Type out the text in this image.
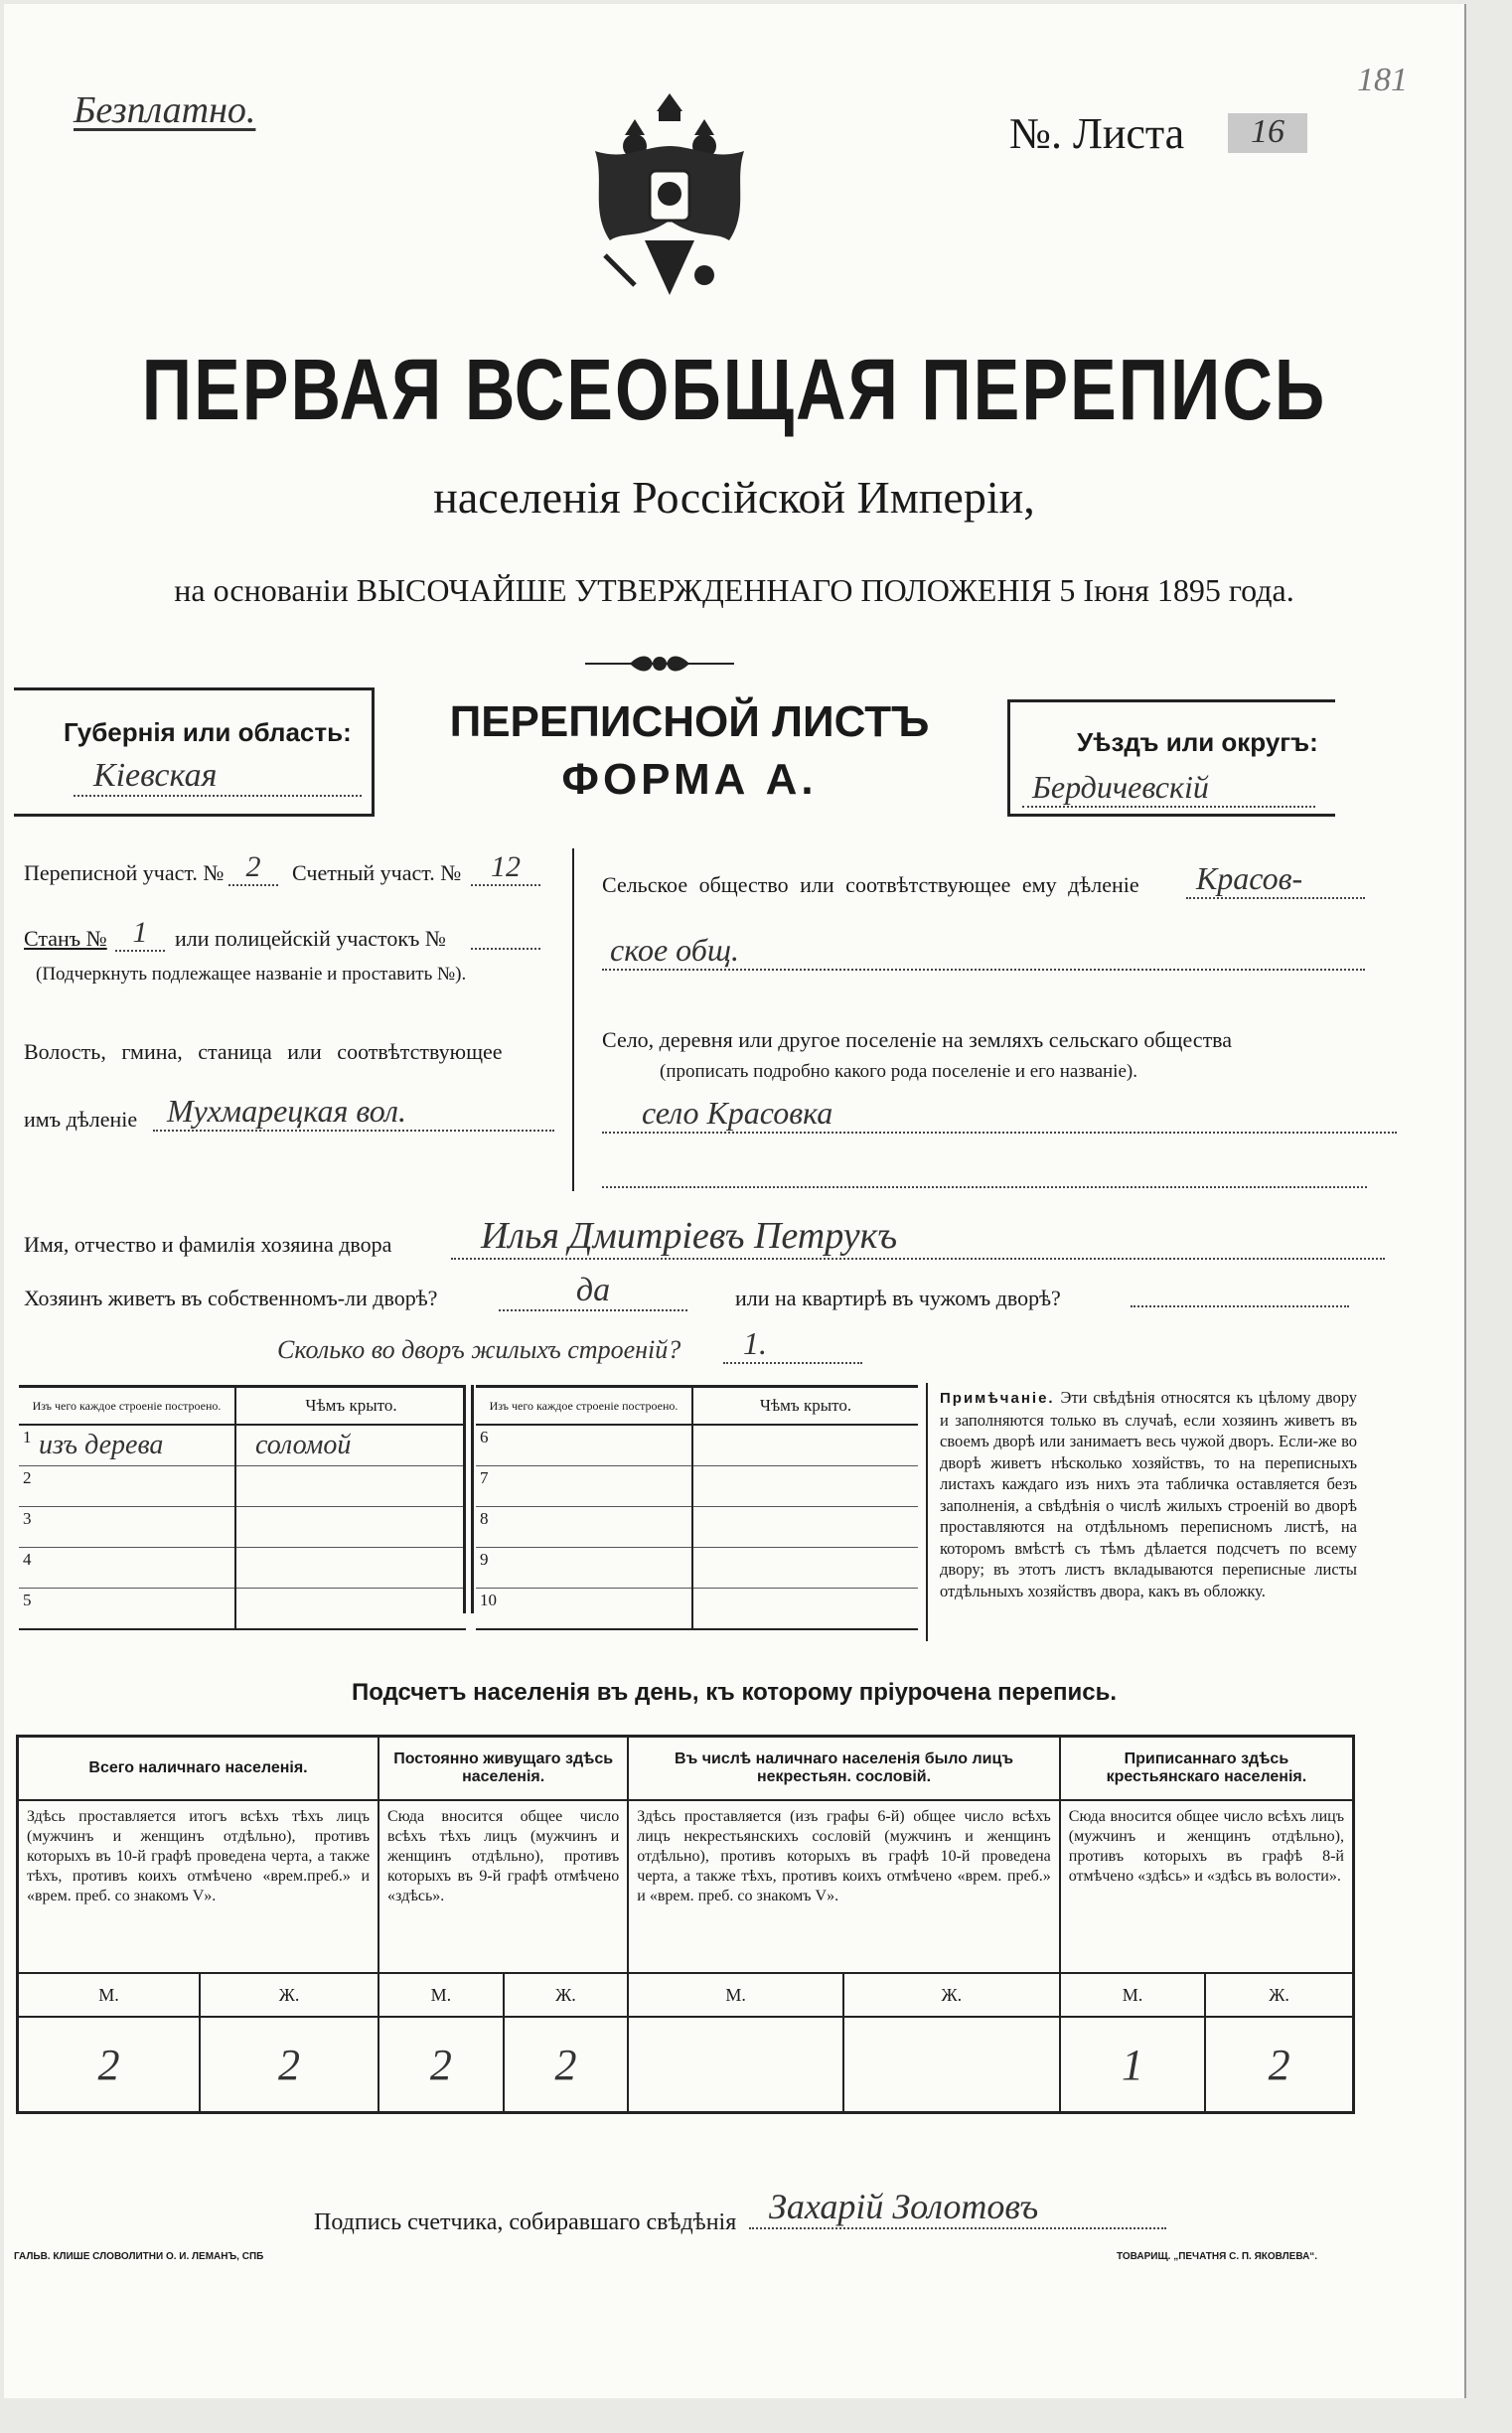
Безплатно.	№. Листа	16
181
ПЕРВАЯ ВСЕОБЩАЯ ПЕРЕПИСЬ
населенія Россійской Имперіи,
на основаніи ВЫСОЧАЙШЕ УТВЕРЖДЕННАГО ПОЛОЖЕНІЯ 5 Іюня 1895 года.
Губернія или область:
Кіевская
ПЕРЕПИСНОЙ ЛИСТЪ
ФОРМА А.
Уѣздъ или округъ:
Бердичевскій
Переписной участ. № 2	Счетный участ. № 12
Станъ № 1	или полицейскій участокъ №
(Подчеркнуть подлежащее названіе и проставить №).
Волость, гмина, станица или соотвѣтствующее
имъ дѣленіе Мухмарецкая вол.
Сельское общество или соотвѣтствующее ему дѣленіе	Красов-
ское общ.
Село, деревня или другое поселеніе на земляхъ сельскаго общества
(прописать подробно какого рода поселеніе и его названіе).
село Красовка
Имя, отчество и фамилія хозяина двора	Илья Дмитріевъ Петрукъ
Хозяинъ живетъ въ собственномъ-ли дворѣ?	да	или на квартирѣ въ чужомъ дворѣ?
Сколько во дворъ жилыхъ строеній?	1.
Изъ чего каждое строеніе построено.	Чѣмъ крыто.

1 изъ дерева	соломой

2	

3	

4	

5	

Изъ чего каждое строеніе построено.	Чѣмъ крыто.

6	

7	

8	

9	

10	

Примѣчаніе. Эти свѣдѣнія относятся къ цѣлому двору и заполняются только въ случаѣ, если хозяинъ живетъ въ своемъ дворѣ или занимаетъ весь чужой дворъ. Если-же во дворѣ живетъ нѣсколько хозяйствъ, то на переписныхъ листахъ каждаго изъ нихъ эта табличка оставляется безъ заполненія, а свѣдѣнія о числѣ жилыхъ строеній во дворѣ проставляются на отдѣльномъ переписномъ листѣ, на которомъ вмѣстѣ съ тѣмъ дѣлается подсчетъ по всему двору; въ этотъ листъ вкладываются переписные листы отдѣльныхъ хозяйствъ двора, какъ въ обложку.
Подсчетъ населенія въ день, къ которому пріурочена перепись.
Всего наличнаго населенія.		Постоянно живущаго здѣсь населенія.		Въ числѣ наличнаго населенія было лицъ некрестьян. сословій.		Приписаннаго здѣсь крестьянскаго населенія.	
Здѣсь проставляется итогъ всѣхъ тѣхъ лицъ (мужчинъ и женщинъ отдѣльно), противъ которыхъ въ 10-й графѣ проведена черта, а также тѣхъ, противъ коихъ отмѣчено «врем.преб.» и «врем. преб. со знакомъ V».		Сюда вносится общее число всѣхъ тѣхъ лицъ (мужчинъ и женщинъ отдѣльно), противъ которыхъ въ 9-й графѣ отмѣчено «здѣсь».		Здѣсь проставляется (изъ графы 6-й) общее число всѣхъ лицъ некрестьянскихъ сословій (мужчинъ и женщинъ отдѣльно), противъ которыхъ въ графѣ 10-й проведена черта, а также тѣхъ, противъ коихъ отмѣчено «врем. преб.» и «врем. преб. со знакомъ V».		Сюда вносится общее число всѣхъ лицъ (мужчинъ и женщинъ отдѣльно), противъ которыхъ въ графѣ 8-й отмѣчено «здѣсь» и «здѣсь въ волости».	
М.	Ж.	М.	Ж.	М.	Ж.	М.	Ж.
2	2	2	2			1	2
Подпись счетчика, собиравшаго свѣдѣнія Захарій Золотовъ
ГАЛЬВ. КЛИШЕ СЛОВОЛИТНИ О. И. ЛЕМАНЪ, СПБ	ТОВАРИЩ. „ПЕЧАТНЯ С. П. ЯКОВЛЕВА“.
